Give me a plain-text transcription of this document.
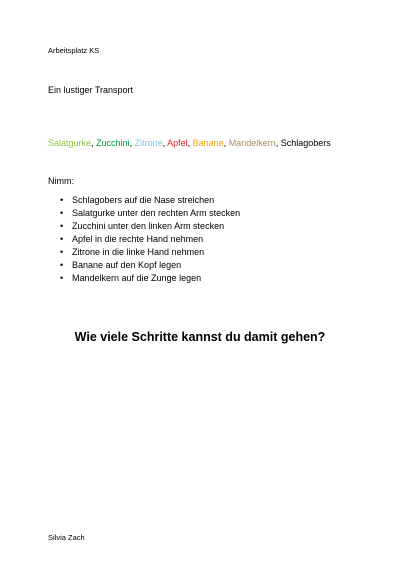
Arbeitsplatz KS
Ein lustiger Transport
Salatgurke, Zucchini, Zitrone, Apfel, Banane, Mandelkern, Schlagobers
Nimm:
• Schlagobers auf die Nase streichen
• Salatgurke unter den rechten Arm stecken
• Zucchini unter den linken Arm stecken
• Apfel in die rechte Hand nehmen
• Zitrone in die linke Hand nehmen
• Banane auf den Kopf legen
• Mandelkern auf die Zunge legen
Wie viele Schritte kannst du damit gehen?
Silvia Zach
